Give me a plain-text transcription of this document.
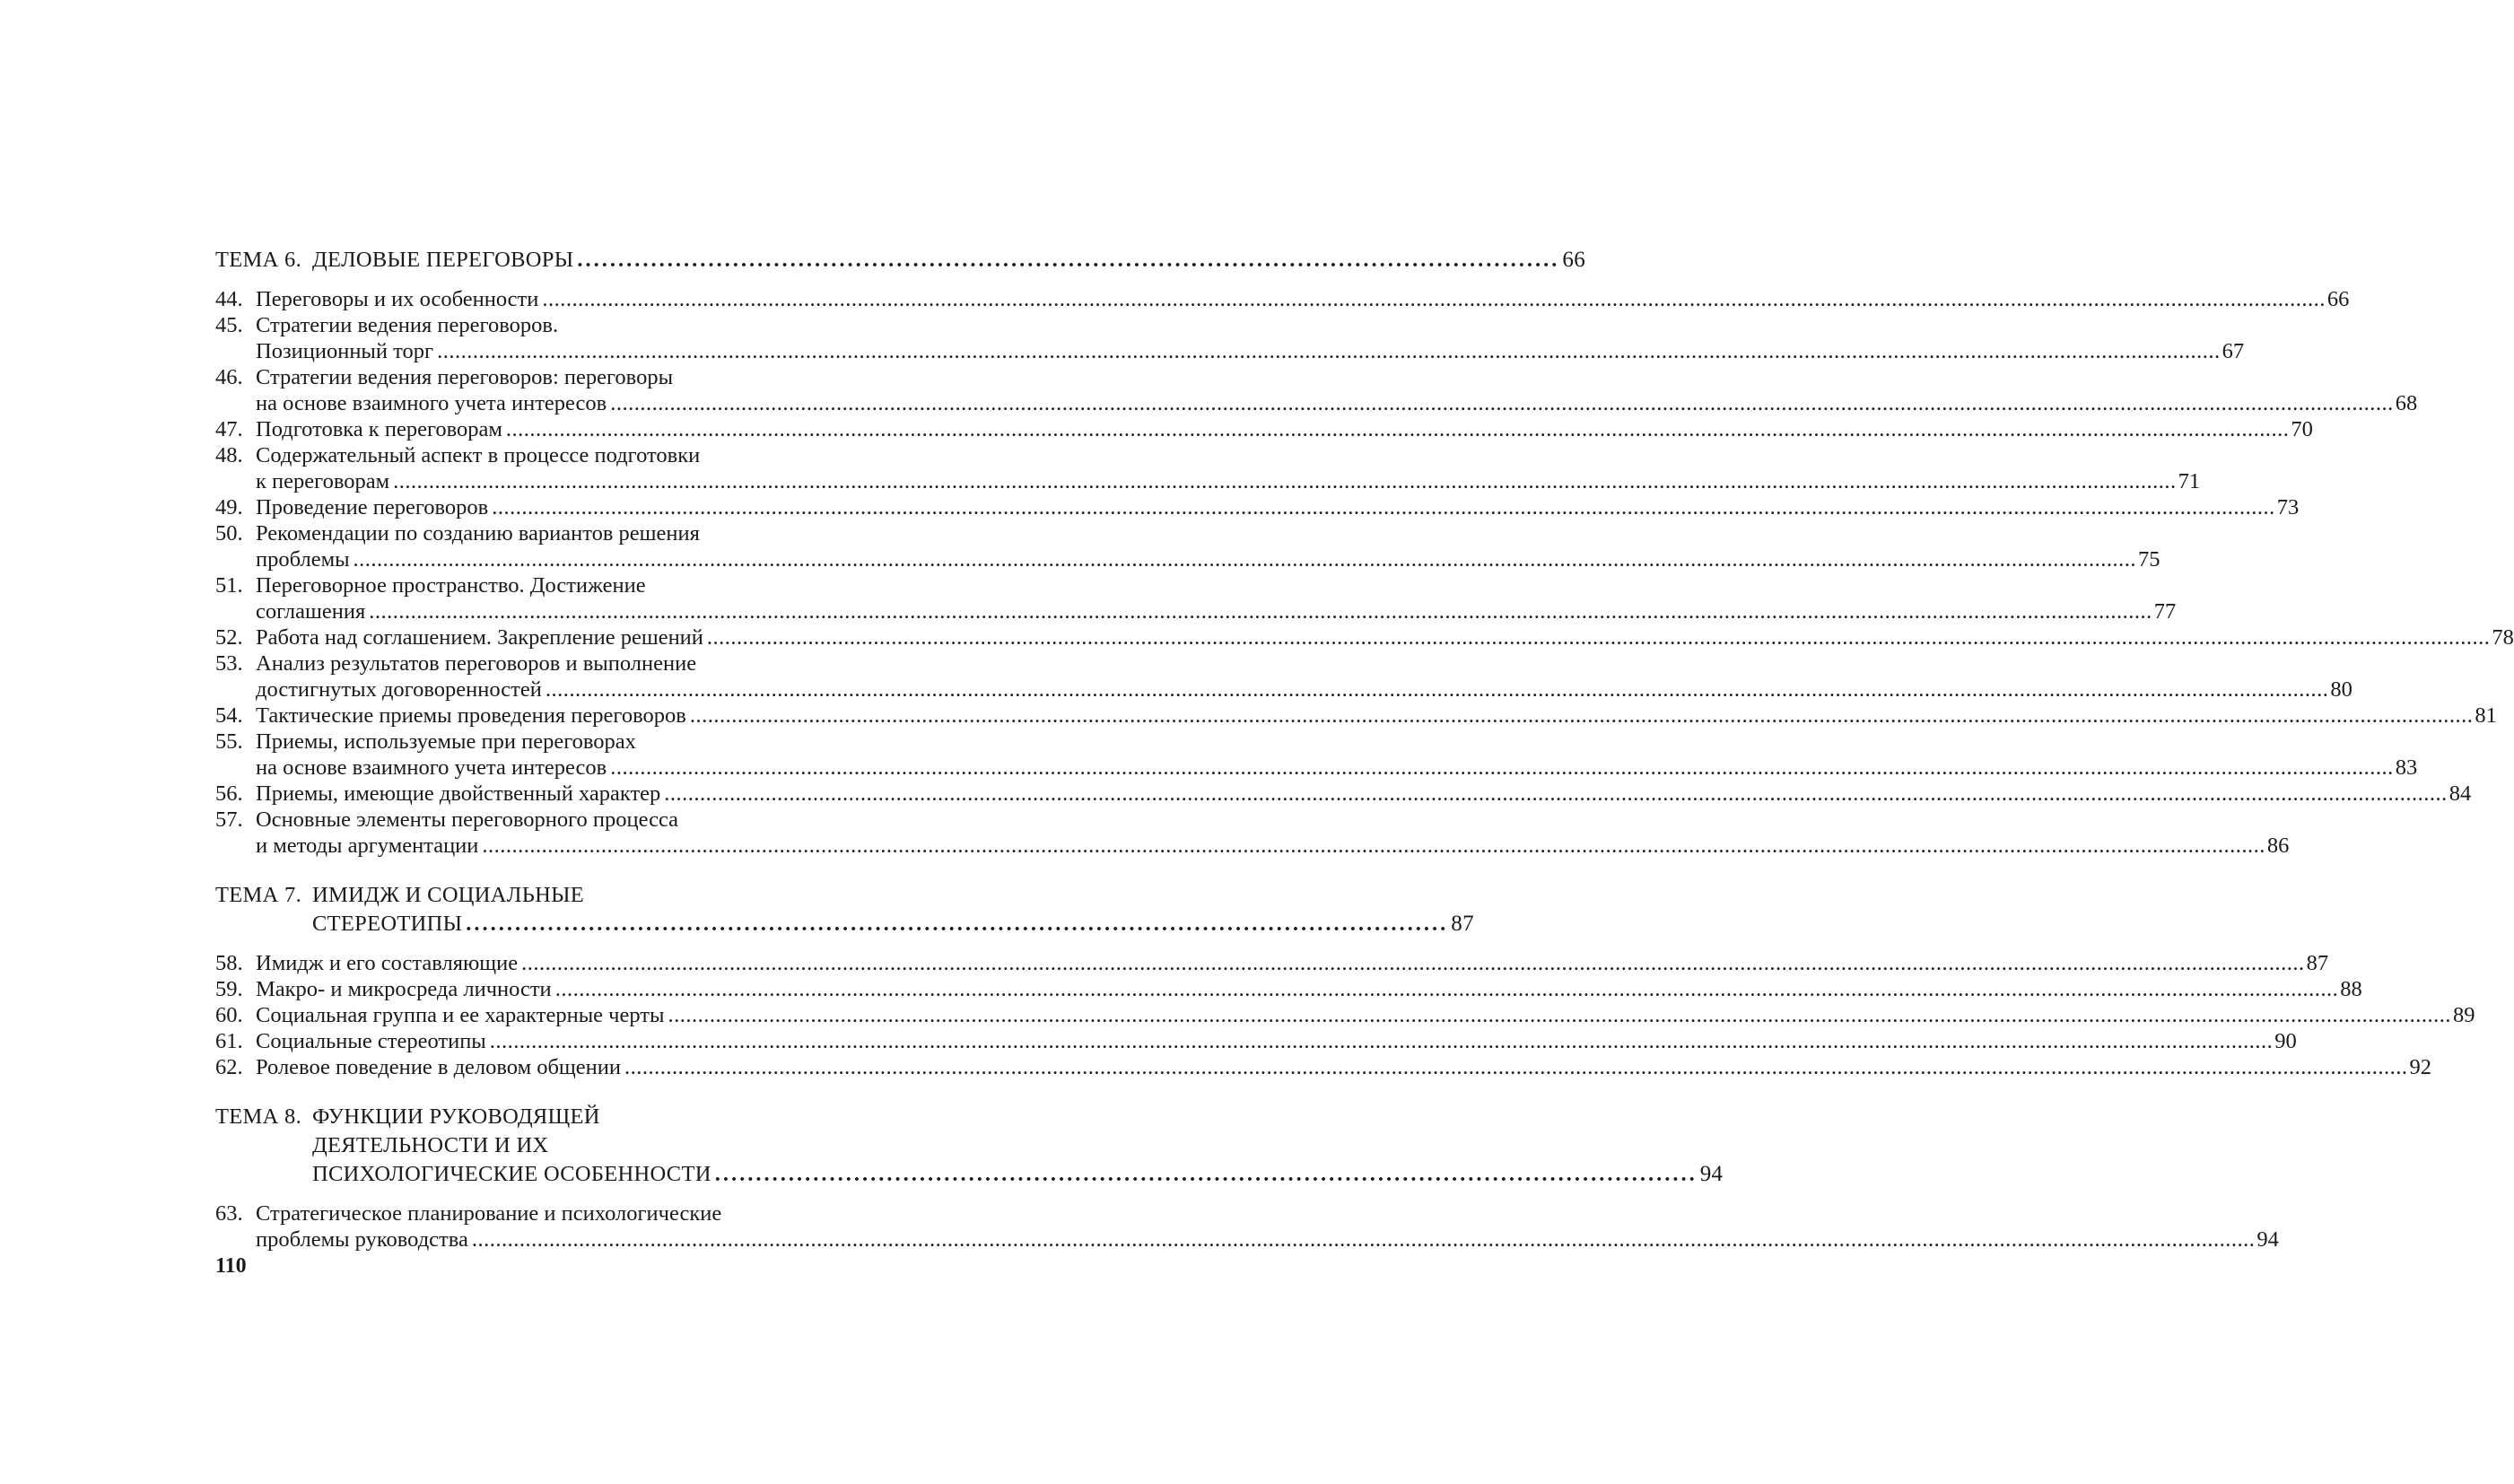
ТЕМА 6. ДЕЛОВЫЕ ПЕРЕГОВОРЫ ........................................................................................................................ 66
44. Переговоры и их особенности ............................................................................................................................................................................................................................................................................................................ 66
45. Стратегии ведения переговоров.
Позиционный торг ............................................................................................................................................................................................................................................................................................................ 67
46. Стратегии ведения переговоров: переговоры
на основе взаимного учета интересов ............................................................................................................................................................................................................................................................................................................ 68
47. Подготовка к переговорам ............................................................................................................................................................................................................................................................................................................ 70
48. Содержательный аспект в процессе подготовки
к переговорам ............................................................................................................................................................................................................................................................................................................ 71
49. Проведение переговоров ............................................................................................................................................................................................................................................................................................................ 73
50. Рекомендации по созданию вариантов решения
проблемы ............................................................................................................................................................................................................................................................................................................ 75
51. Переговорное пространство. Достижение
соглашения ............................................................................................................................................................................................................................................................................................................ 77
52. Работа над соглашением. Закрепление решений ............................................................................................................................................................................................................................................................................................................ 78
53. Анализ результатов переговоров и выполнение
достигнутых договоренностей ............................................................................................................................................................................................................................................................................................................ 80
54. Тактические приемы проведения переговоров ............................................................................................................................................................................................................................................................................................................ 81
55. Приемы, используемые при переговорах
на основе взаимного учета интересов ............................................................................................................................................................................................................................................................................................................ 83
56. Приемы, имеющие двойственный характер ............................................................................................................................................................................................................................................................................................................ 84
57. Основные элементы переговорного процесса
и методы аргументации ............................................................................................................................................................................................................................................................................................................ 86
ТЕМА 7. ИМИДЖ И СОЦИАЛЬНЫЕ
СТЕРЕОТИПЫ ........................................................................................................................ 87
58. Имидж и его составляющие ............................................................................................................................................................................................................................................................................................................ 87
59. Макро- и микросреда личности ............................................................................................................................................................................................................................................................................................................ 88
60. Социальная группа и ее характерные черты ............................................................................................................................................................................................................................................................................................................ 89
61. Социальные стереотипы ............................................................................................................................................................................................................................................................................................................ 90
62. Ролевое поведение в деловом общении ............................................................................................................................................................................................................................................................................................................ 92
ТЕМА 8. ФУНКЦИИ РУКОВОДЯЩЕЙ
ДЕЯТЕЛЬНОСТИ И ИХ
ПСИХОЛОГИЧЕСКИЕ ОСОБЕННОСТИ ........................................................................................................................ 94
63. Стратегическое планирование и психологические
проблемы руководства ............................................................................................................................................................................................................................................................................................................ 94
110
